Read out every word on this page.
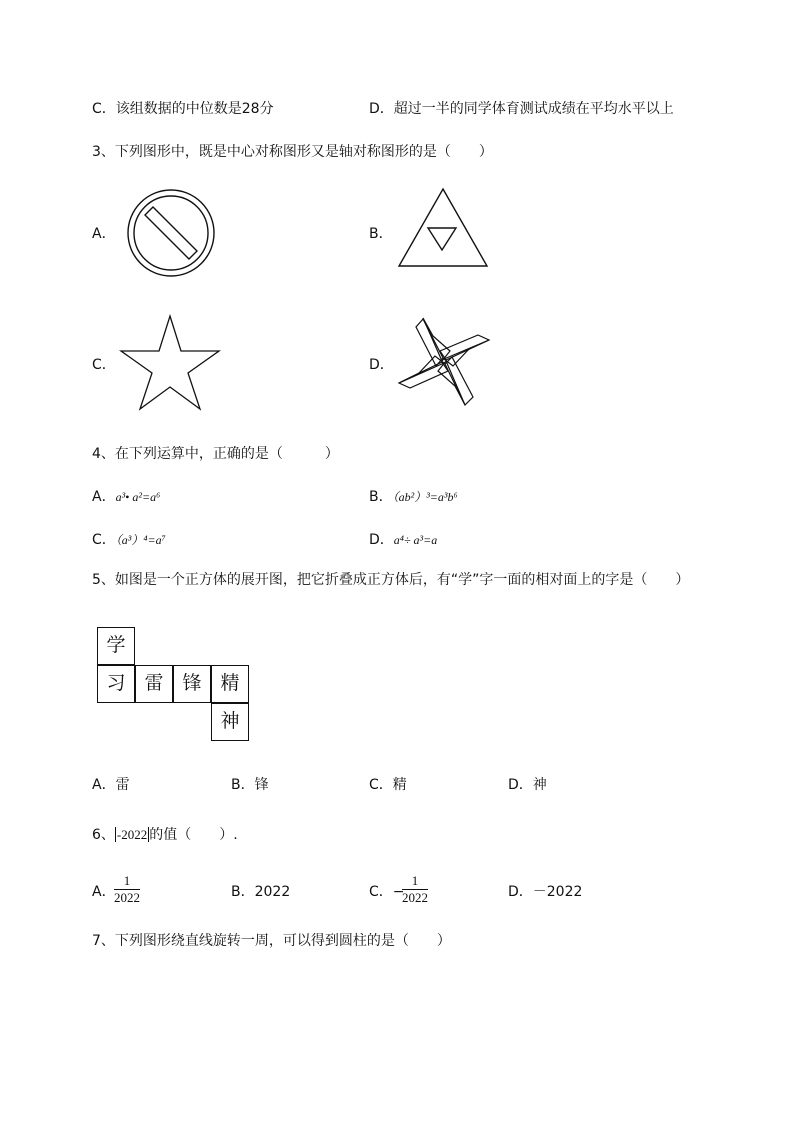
C．该组数据的中位数是28分	D．超过一半的同学体育测试成绩在平均水平以上
3、下列图形中，既是中心对称图形又是轴对称图形的是（　　）
A．	B．
C．	D．
4、在下列运算中，正确的是（　　　）
A．a³• a²=a⁶	B．（ab²）³=a³b⁶
C．（a³）⁴=a⁷	D．a⁴÷ a³=a
5、如图是一个正方体的展开图，把它折叠成正方体后，有“学”字一面的相对面上的字是（　　）
学
习 雷 锋 精
神
A．雷	B．锋	C．精	D．神
6、 -2022 的值（　　）.
A．
$\frac{1}{2022}$	B．2022	C．−
$\frac{1}{2022}$	D．－2022
7、下列图形绕直线旋转一周，可以得到圆柱的是（　　）
